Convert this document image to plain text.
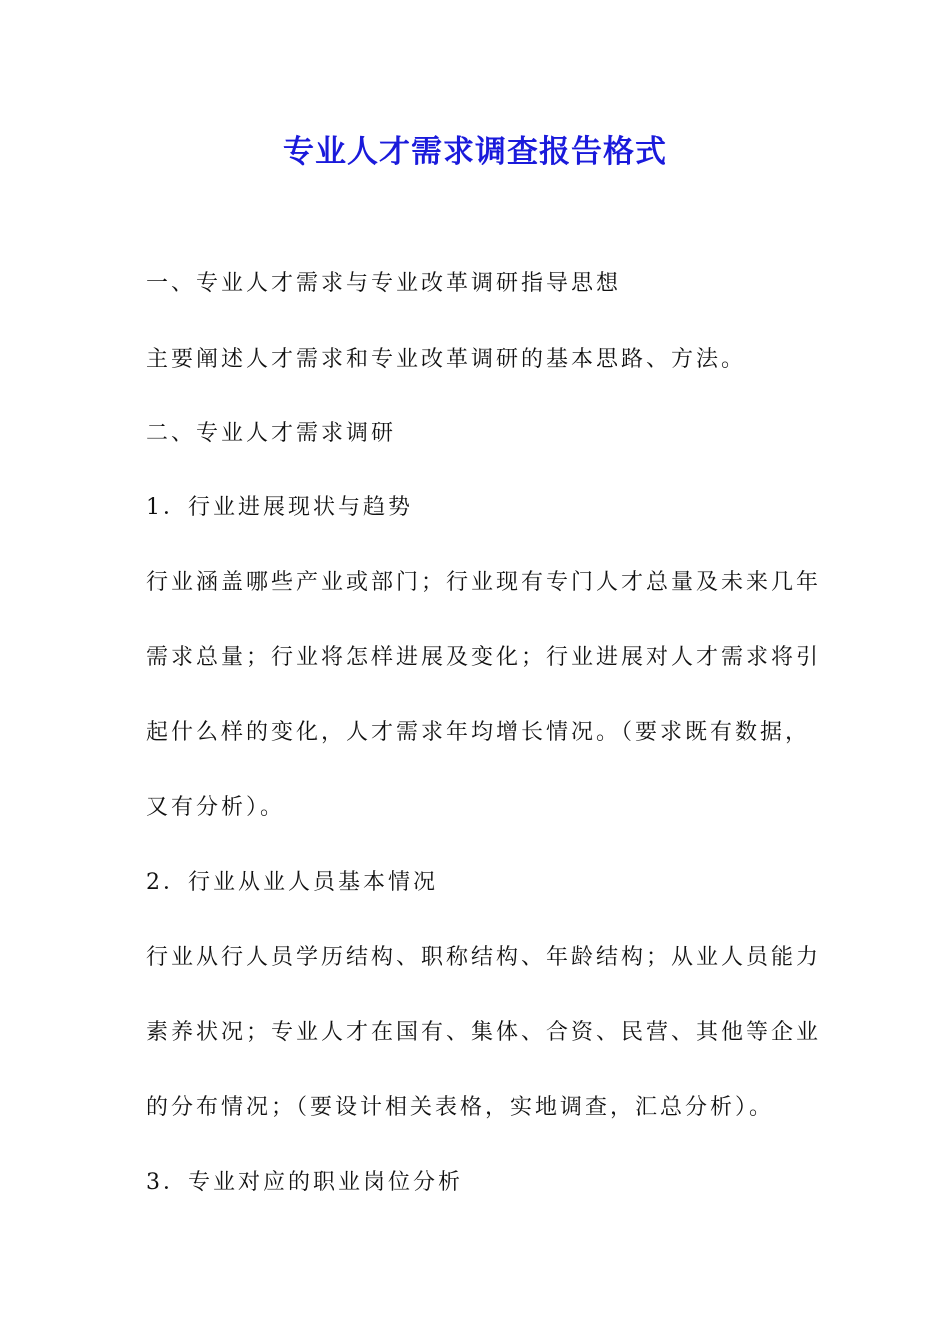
专业人才需求调查报告格式
一、专业人才需求与专业改革调研指导思想
主要阐述人才需求和专业改革调研的基本思路、方法。
二、专业人才需求调研
1．行业进展现状与趋势
行业涵盖哪些产业或部门；行业现有专门人才总量及未来几年
需求总量；行业将怎样进展及变化；行业进展对人才需求将引
起什么样的变化，人才需求年均增长情况。（要求既有数据，
又有分析）。
2．行业从业人员基本情况
行业从行人员学历结构、职称结构、年龄结构；从业人员能力
素养状况；专业人才在国有、集体、合资、民营、其他等企业
的分布情况；（要设计相关表格，实地调查，汇总分析）。
3．专业对应的职业岗位分析
